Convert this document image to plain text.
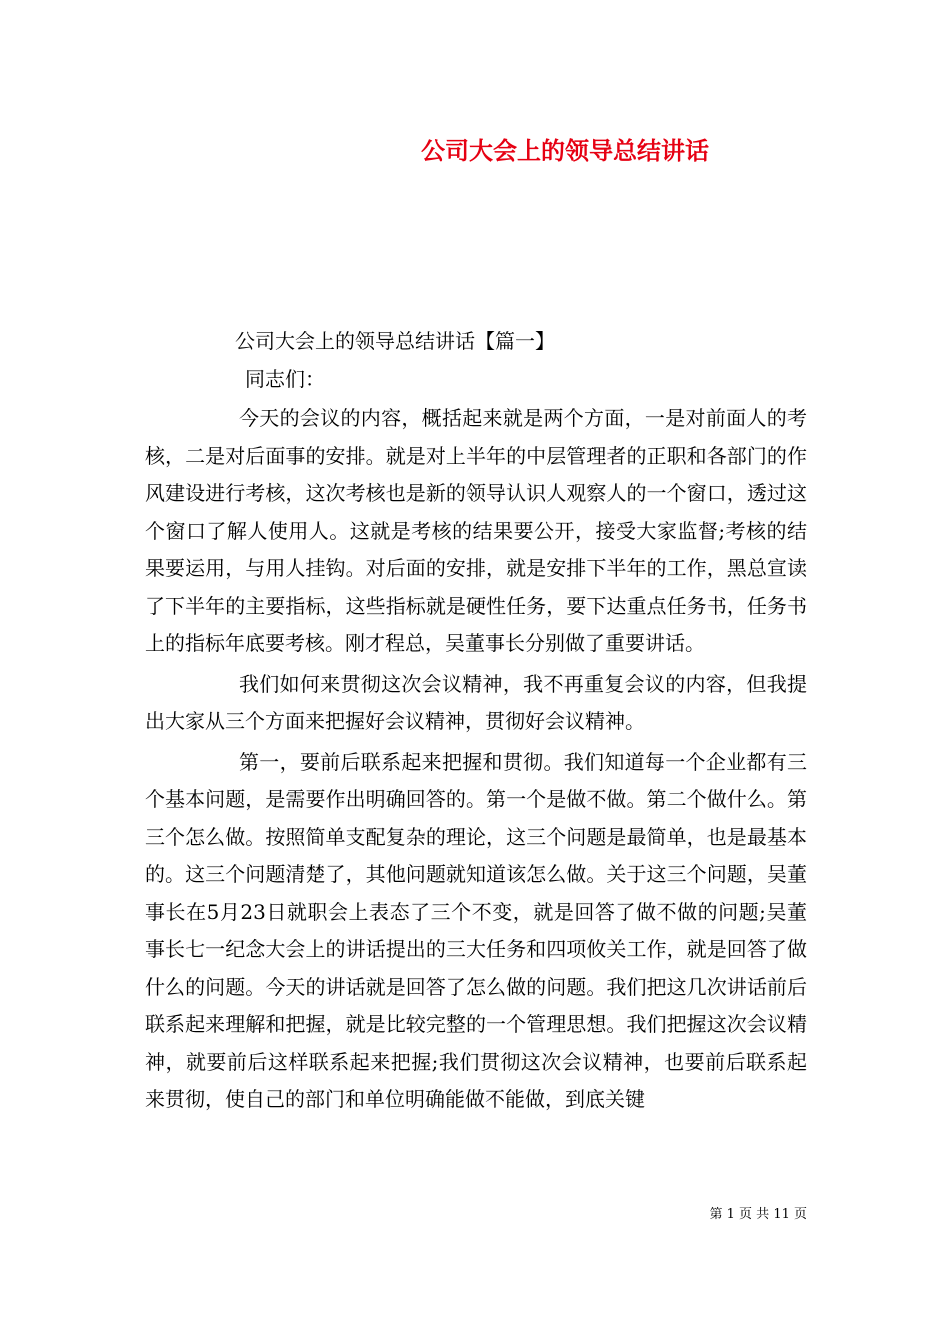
公司大会上的领导总结讲话

公司大会上的领导总结讲话【篇一】

同志们：

今天的会议的内容，概括起来就是两个方面，一是对前面人的考核，二是对后面事的安排。就是对上半年的中层管理者的正职和各部门的作风建设进行考核，这次考核也是新的领导认识人观察人的一个窗口，透过这个窗口了解人使用人。这就是考核的结果要公开，接受大家监督;考核的结果要运用，与用人挂钩。对后面的安排，就是安排下半年的工作，黑总宣读了下半年的主要指标，这些指标就是硬性任务，要下达重点任务书，任务书上的指标年底要考核。刚才程总，吴董事长分别做了重要讲话。

我们如何来贯彻这次会议精神，我不再重复会议的内容，但我提出大家从三个方面来把握好会议精神，贯彻好会议精神。

第一，要前后联系起来把握和贯彻。我们知道每一个企业都有三个基本问题，是需要作出明确回答的。第一个是做不做。第二个做什么。第三个怎么做。按照简单支配复杂的理论，这三个问题是最简单，也是最基本的。这三个问题清楚了，其他问题就知道该怎么做。关于这三个问题，吴董事长在5月23日就职会上表态了三个不变，就是回答了做不做的问题;吴董事长七一纪念大会上的讲话提出的三大任务和四项攸关工作，就是回答了做什么的问题。今天的讲话就是回答了怎么做的问题。我们把这几次讲话前后联系起来理解和把握，就是比较完整的一个管理思想。我们把握这次会议精神，就要前后这样联系起来把握;我们贯彻这次会议精神，也要前后联系起来贯彻，使自己的部门和单位明确能做不能做，到底关键

第 1 页 共 11 页
